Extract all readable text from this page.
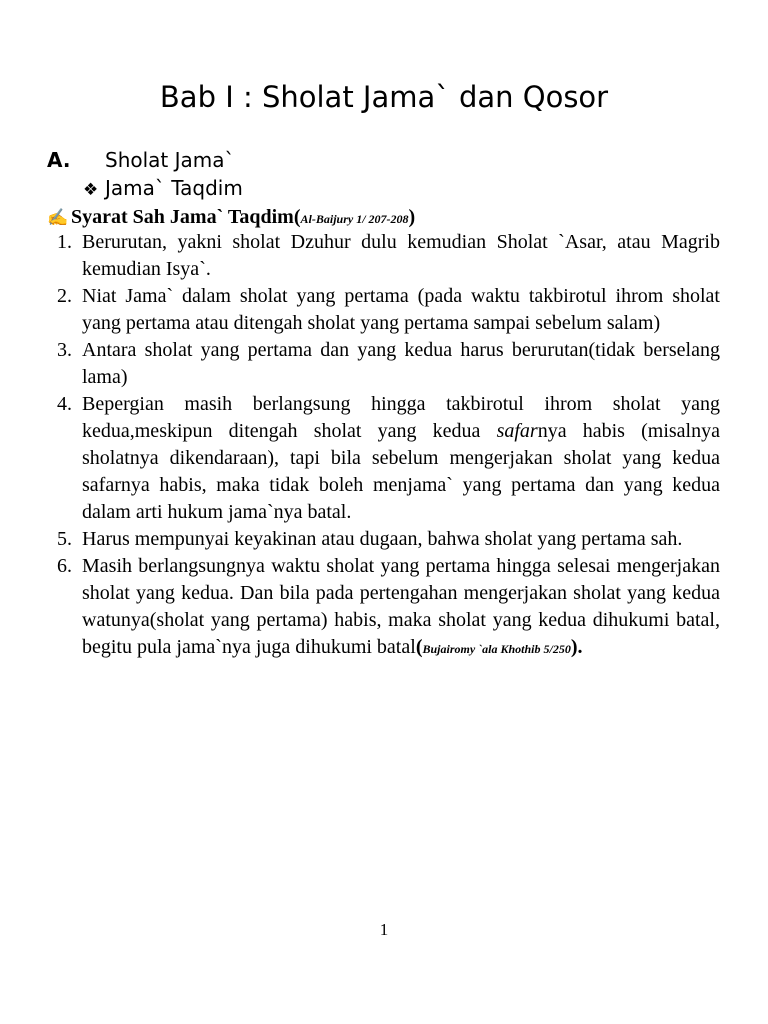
Bab I : Sholat Jama` dan Qosor
A. Sholat Jama`
❖ Jama` Taqdim
✍ Syarat Sah Jama` Taqdim(Al-Baijury 1/ 207-208)
1. Berurutan, yakni sholat Dzuhur dulu kemudian Sholat `Asar, atau Magrib kemudian Isya`.
2. Niat Jama` dalam sholat yang pertama (pada waktu takbirotul ihrom sholat yang pertama atau ditengah sholat yang pertama sampai sebelum salam)
3. Antara sholat yang pertama dan yang kedua harus berurutan(tidak berselang lama)
4. Bepergian masih berlangsung hingga takbirotul ihrom sholat yang kedua,meskipun ditengah sholat yang kedua safarnya habis (misalnya sholatnya dikendaraan), tapi bila sebelum mengerjakan sholat yang kedua safarnya habis, maka tidak boleh menjama` yang pertama dan yang kedua dalam arti hukum jama`nya batal.
5. Harus mempunyai keyakinan atau dugaan, bahwa sholat yang pertama sah.
6. Masih berlangsungnya waktu sholat yang pertama hingga selesai mengerjakan sholat yang kedua. Dan bila pada pertengahan mengerjakan sholat yang kedua watunya(sholat yang pertama) habis, maka sholat yang kedua dihukumi batal, begitu pula jama`nya juga dihukumi batal(Bujairomy `ala Khothib 5/250).
1
